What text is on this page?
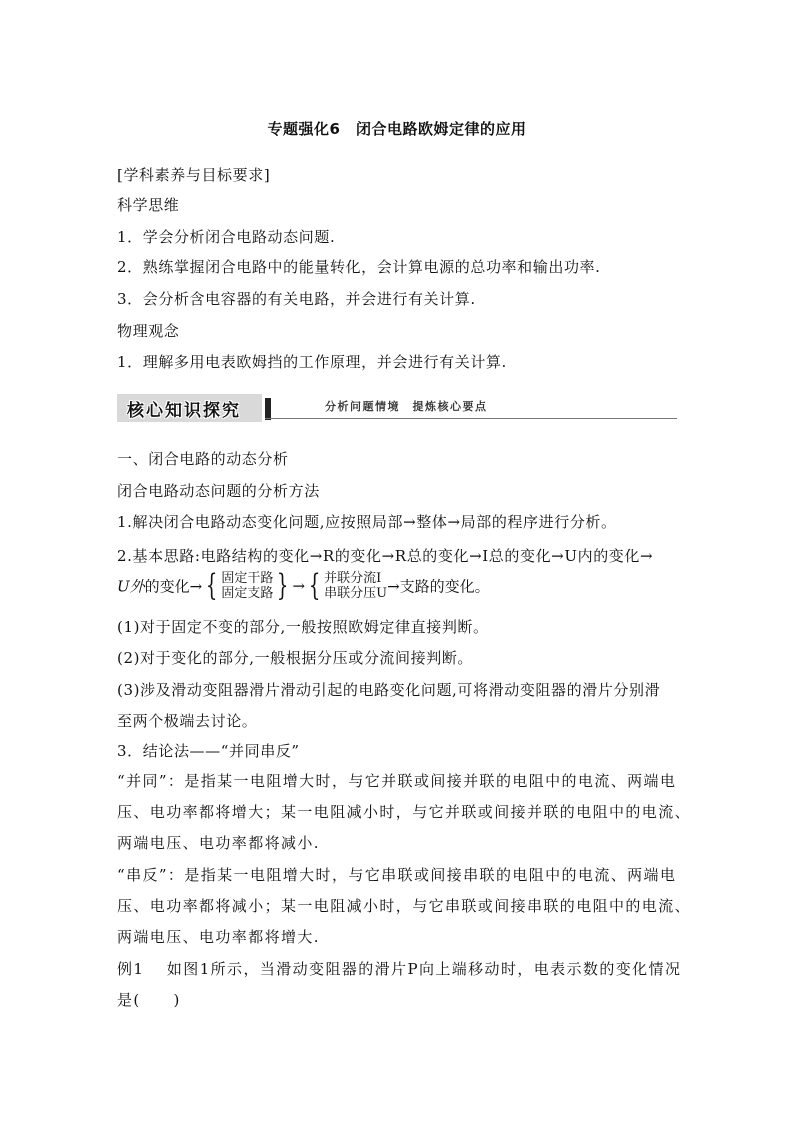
专题强化6　闭合电路欧姆定律的应用
[学科素养与目标要求]
科学思维
1．学会分析闭合电路动态问题.
2．熟练掌握闭合电路中的能量转化，会计算电源的总功率和输出功率.
3．会分析含电容器的有关电路，并会进行有关计算.
物理观念
1．理解多用电表欧姆挡的工作原理，并会进行有关计算.
核心知识探究	分析问题情境　提炼核心要点
一、闭合电路的动态分析
闭合电路动态问题的分析方法
1.解决闭合电路动态变化问题,应按照局部→整体→局部的程序进行分析。
2.基本思路:电路结构的变化→R的变化→R总的变化→I总的变化→U内的变化→
U外的变化→ { 固定干路
固定支路 } → { 并联分流I
串联分压U→支路的变化。
(1)对于固定不变的部分,一般按照欧姆定律直接判断。
(2)对于变化的部分,一般根据分压或分流间接判断。
(3)涉及滑动变阻器滑片滑动引起的电路变化问题,可将滑动变阻器的滑片分别滑
至两个极端去讨论。
3．结论法——“并同串反”
“并同”：是指某一电阻增大时，与它并联或间接并联的电阻中的电流、两端电
压、电功率都将增大；某一电阻减小时，与它并联或间接并联的电阻中的电流、
两端电压、电功率都将减小.
“串反”：是指某一电阻增大时，与它串联或间接串联的电阻中的电流、两端电
压、电功率都将减小；某一电阻减小时，与它串联或间接串联的电阻中的电流、
两端电压、电功率都将增大.
例1　 如图1所示，当滑动变阻器的滑片P向上端移动时，电表示数的变化情况
是(　　)
